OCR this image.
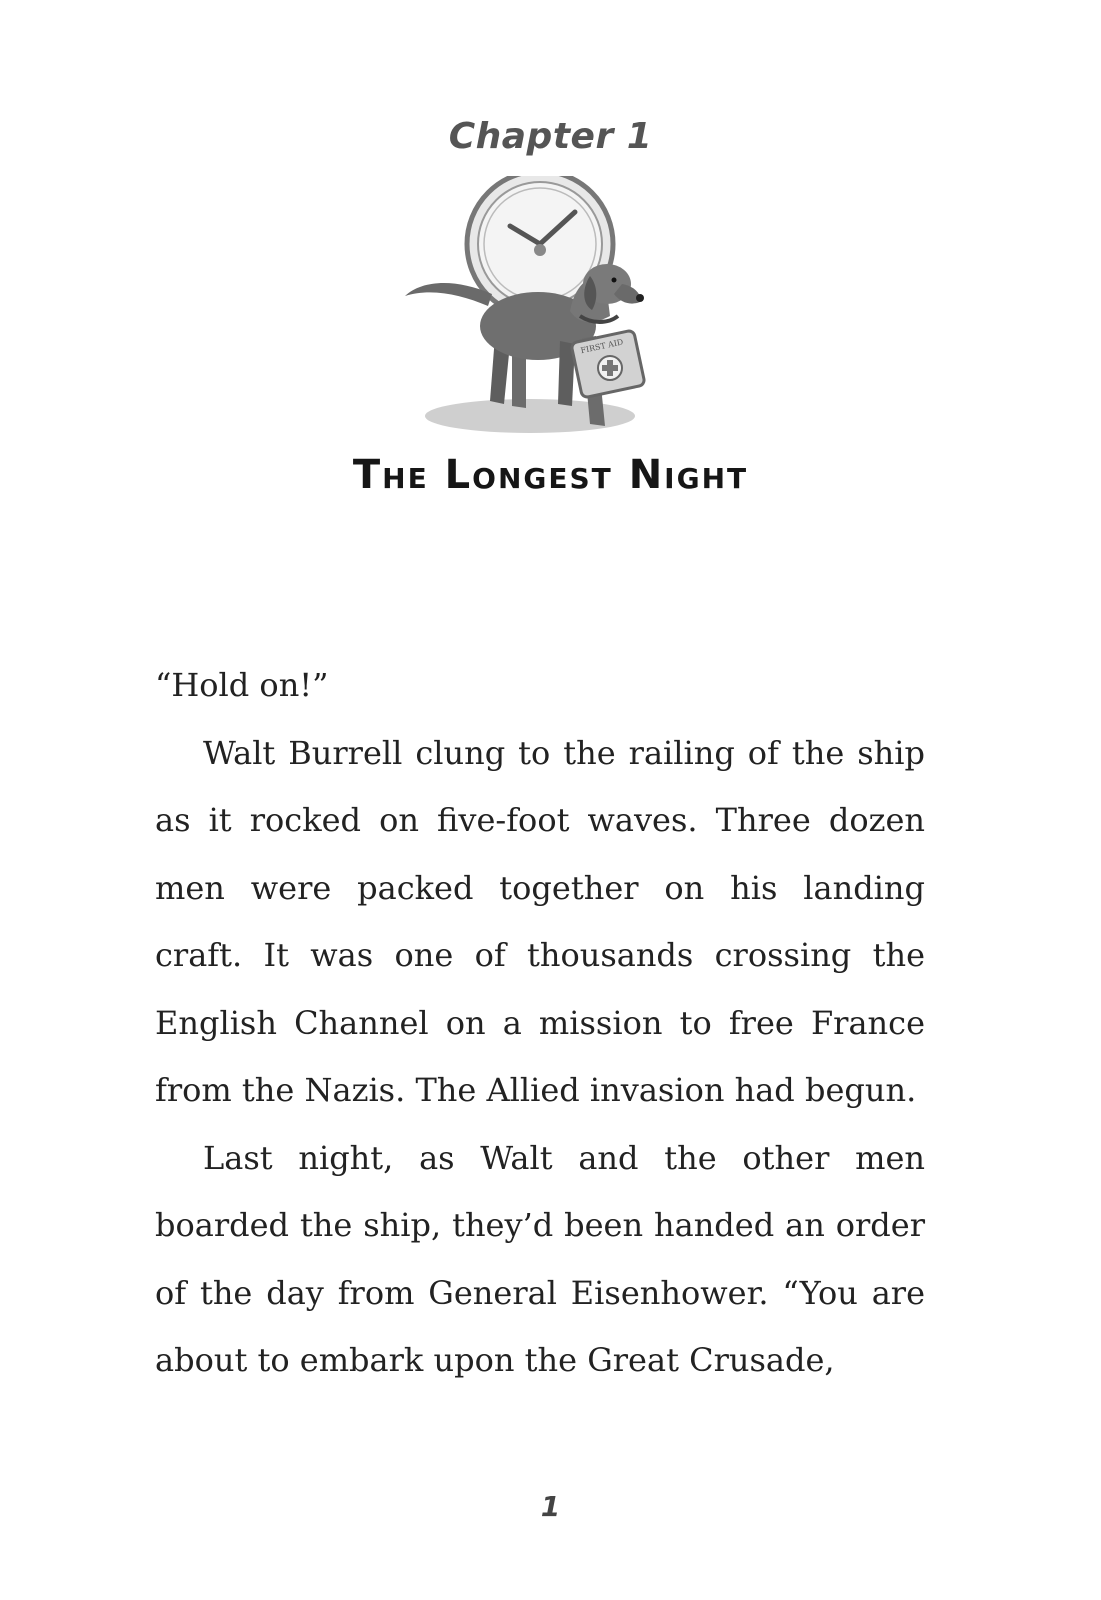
Chapter 1
FIRST AID
The Longest Night

“Hold on!”

Walt Burrell clung to the railing of the ship as it rocked on five-foot waves. Three dozen men were packed together on his landing craft. It was one of thousands crossing the English Channel on a mission to free France from the Nazis. The Allied invasion had begun.

Last night, as Walt and the other men boarded the ship, they’d been handed an order of the day from General Eisenhower. “You are about to embark upon the Great Crusade,

1
